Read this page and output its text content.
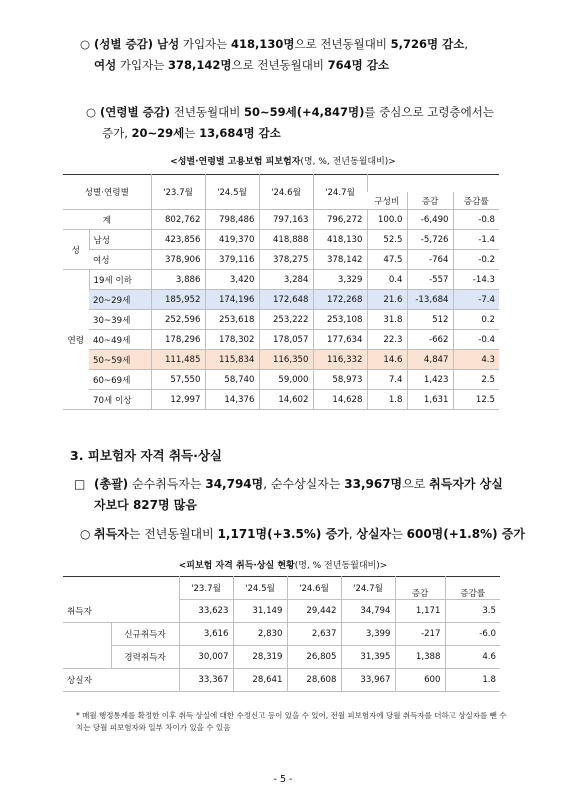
○ (성별 증감) 남성 가입자는 418,130명으로 전년동월대비 5,726명 감소,
여성 가입자는 378,142명으로 전년동월대비 764명 감소
○ (연령별 증감) 전년동월대비 50~59세(+4,847명)를 중심으로 고령층에서는
증가, 20~29세는 13,684명 감소
<성별·연령별 고용보험 피보험자(명, %, 전년동월대비)>
성별·연령별		'23.7월	'24.5월	'24.6월	'24.7월			
						구성비	증감	증감률
계		802,762	798,486	797,163	796,272	100.0	-6,490	-0.8
성	남성	423,856	419,370	418,888	418,130	52.5	-5,726	-1.4
	여성	378,906	379,116	378,275	378,142	47.5	-764	-0.2
연령	19세 이하	3,886	3,420	3,284	3,329	0.4	-557	-14.3
	20~29세	185,952	174,196	172,648	172,268	21.6	-13,684	-7.4
	30~39세	252,596	253,618	253,222	253,108	31.8	512	0.2
	40~49세	178,296	178,302	178,057	177,634	22.3	-662	-0.4
	50~59세	111,485	115,834	116,350	116,332	14.6	4,847	4.3
	60~69세	57,550	58,740	59,000	58,973	7.4	1,423	2.5
	70세 이상	12,997	14,376	14,602	14,628	1.8	1,631	12.5
3. 피보험자 자격 취득·상실
□ (총괄) 순수취득자는 34,794명, 순수상실자는 33,967명으로 취득자가 상실
자보다 827명 많음
○ 취득자는 전년동월대비 1,171명(+3.5%) 증가, 상실자는 600명(+1.8%) 증가
<피보험 자격 취득·상실 현황(명, % 전년동월대비)>
		'23.7월	'24.5월	'24.6월	'24.7월	증감	증감률
취득자		33,623	31,149	29,442	34,794	1,171	3.5
	신규취득자	3,616	2,830	2,637	3,399	-217	-6.0
	경력취득자	30,007	28,319	26,805	31,395	1,388	4.6
상실자		33,367	28,641	28,608	33,967	600	1.8
* 매월 행정통계를 확정한 이후 취득 상실에 대한 수정신고 등이 있을 수 있어, 전월 피보험자에 당월 취득자를 더하고 상실자를 뺀 수치는 당월 피보험자와 일부 차이가 있을 수 있음
- 5 -
